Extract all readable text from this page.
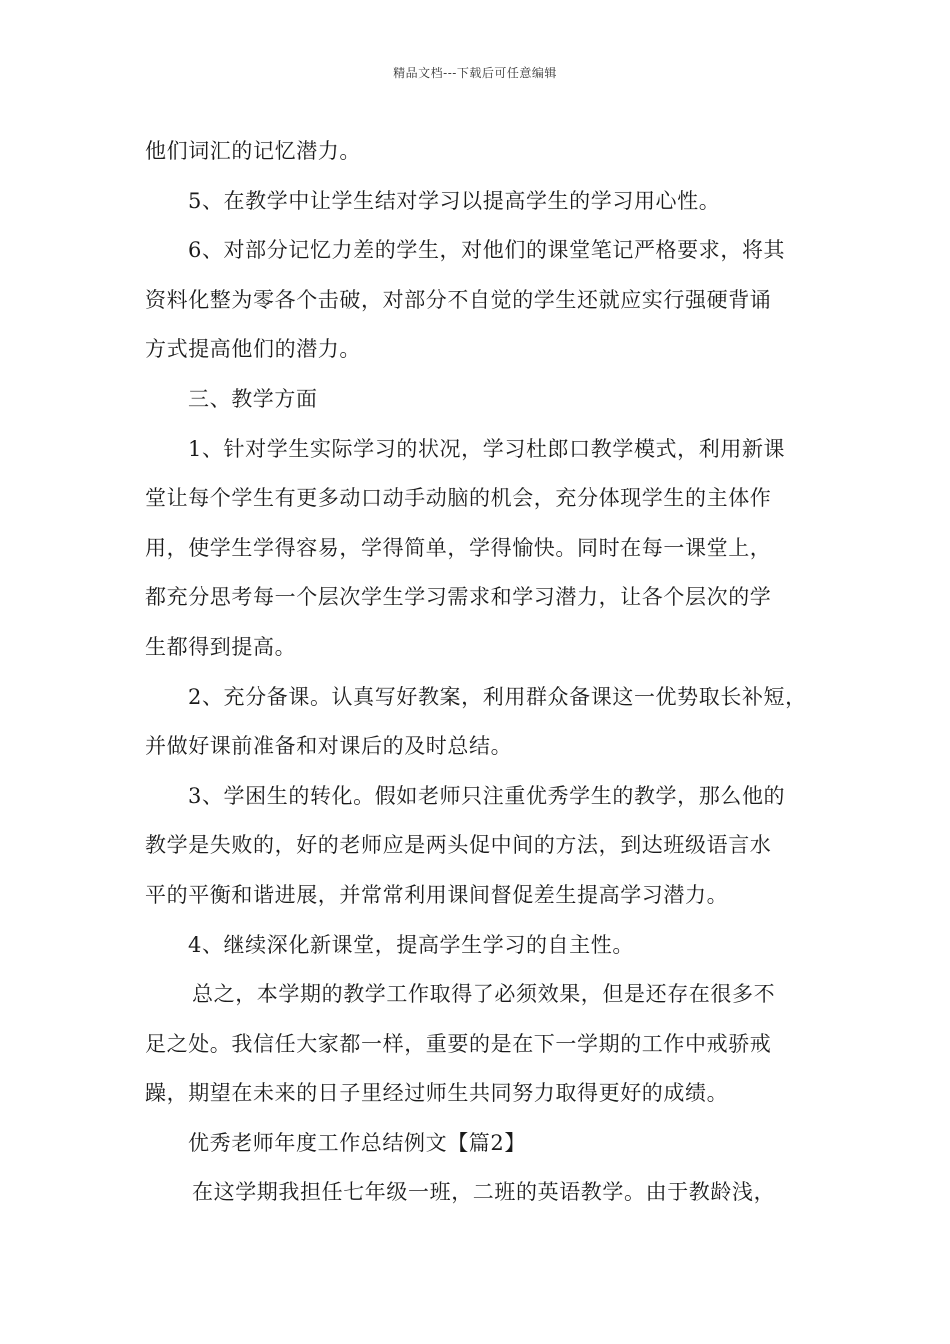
精品文档---下载后可任意编辑
他们词汇的记忆潜力。
5、在教学中让学生结对学习以提高学生的学习用心性。
6、对部分记忆力差的学生，对他们的课堂笔记严格要求，将其
资料化整为零各个击破，对部分不自觉的学生还就应实行强硬背诵
方式提高他们的潜力。
三、教学方面
1、针对学生实际学习的状况，学习杜郎口教学模式，利用新课
堂让每个学生有更多动口动手动脑的机会，充分体现学生的主体作
用，使学生学得容易，学得简单，学得愉快。同时在每一课堂上，
都充分思考每一个层次学生学习需求和学习潜力，让各个层次的学
生都得到提高。
2、充分备课。认真写好教案，利用群众备课这一优势取长补短，
并做好课前准备和对课后的及时总结。
3、学困生的转化。假如老师只注重优秀学生的教学，那么他的
教学是失败的，好的老师应是两头促中间的方法，到达班级语言水
平的平衡和谐进展，并常常利用课间督促差生提高学习潜力。
4、继续深化新课堂，提高学生学习的自主性。
总之，本学期的教学工作取得了必须效果，但是还存在很多不
足之处。我信任大家都一样，重要的是在下一学期的工作中戒骄戒
躁，期望在未来的日子里经过师生共同努力取得更好的成绩。
优秀老师年度工作总结例文【篇2】
在这学期我担任七年级一班，二班的英语教学。由于教龄浅，
